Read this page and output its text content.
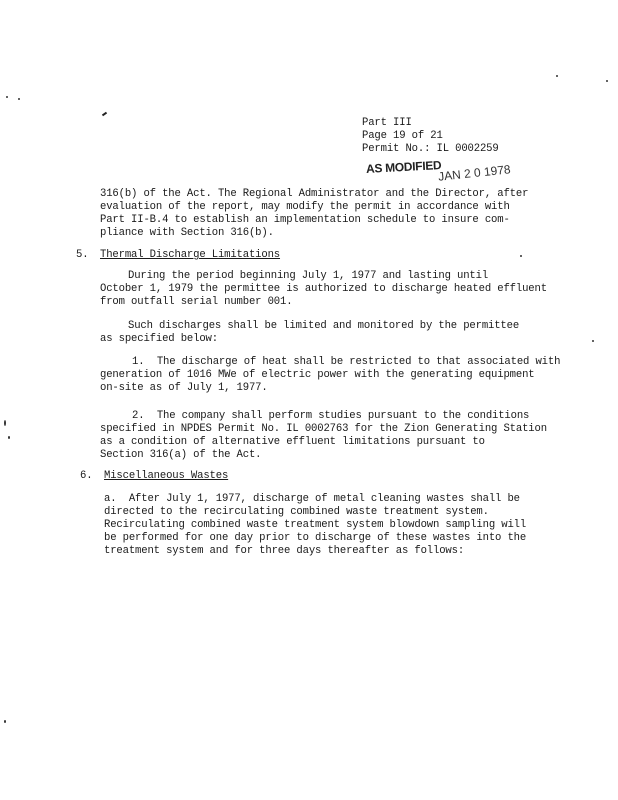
Part III
Page 19 of 21
Permit No.: IL 0002259
AS MODIFIED
JAN 2 0 1978
316(b) of the Act. The Regional Administrator and the Director, after
evaluation of the report, may modify the permit in accordance with
Part II-B.4 to establish an implementation schedule to insure com-
pliance with Section 316(b).
5. Thermal Discharge Limitations
During the period beginning July 1, 1977 and lasting until
October 1, 1979 the permittee is authorized to discharge heated effluent
from outfall serial number 001.
Such discharges shall be limited and monitored by the permittee
as specified below:
1.  The discharge of heat shall be restricted to that associated with
generation of 1016 MWe of electric power with the generating equipment
on-site as of July 1, 1977.
2.  The company shall perform studies pursuant to the conditions
specified in NPDES Permit No. IL 0002763 for the Zion Generating Station
as a condition of alternative effluent limitations pursuant to
Section 316(a) of the Act.
6. Miscellaneous Wastes
a.  After July 1, 1977, discharge of metal cleaning wastes shall be
directed to the recirculating combined waste treatment system.
Recirculating combined waste treatment system blowdown sampling will
be performed for one day prior to discharge of these wastes into the
treatment system and for three days thereafter as follows:
